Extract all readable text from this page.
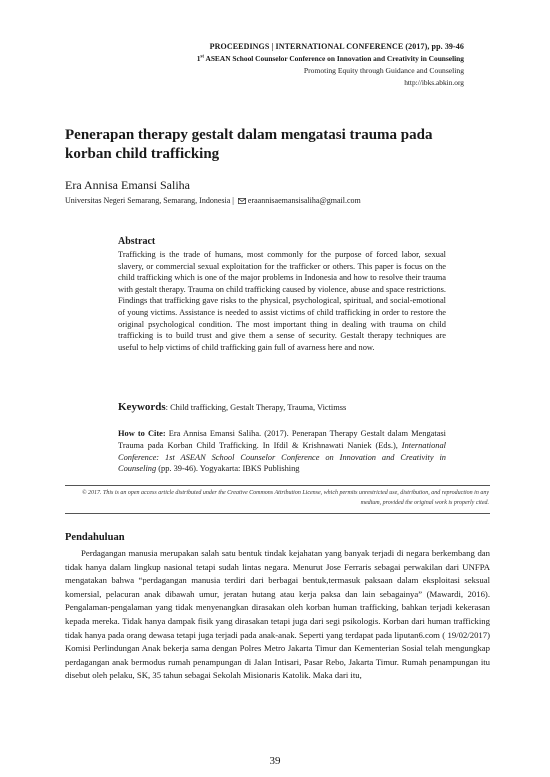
PROCEEDINGS | INTERNATIONAL CONFERENCE (2017), pp. 39-46
1st ASEAN School Counselor Conference on Innovation and Creativity in Counseling
Promoting Equity through Guidance and Counseling
http://ibks.abkin.org
Penerapan therapy gestalt dalam mengatasi trauma pada korban child trafficking
Era Annisa Emansi Saliha
Universitas Negeri Semarang, Semarang, Indonesia | eraannisaemansisaliha@gmail.com
Abstract

Trafficking is the trade of humans, most commonly for the purpose of forced labor, sexual slavery, or commercial sexual exploitation for the trafficker or others. This paper is focus on the child trafficking which is one of the major problems in Indonesia and how to resolve their trauma with gestalt therapy. Trauma on child trafficking caused by violence, abuse and space restrictions. Findings that trafficking gave risks to the physical, psychological, spiritual, and social-emotional of young victims. Assistance is needed to assist victims of child trafficking in order to restore the original psychological condition. The most important thing in dealing with trauma on child trafficking is to build trust and give them a sense of security. Gestalt therapy techniques are useful to help victims of child trafficking gain full of avarness here and now.

Keywords: Child trafficking, Gestalt Therapy, Trauma, Victimss

How to Cite: Era Annisa Emansi Saliha. (2017). Penerapan Therapy Gestalt dalam Mengatasi Trauma pada Korban Child Trafficking. In Ifdil & Krishnawati Naniek (Eds.), International Conference: 1st ASEAN School Counselor Conference on Innovation and Creativity in Counseling (pp. 39-46). Yogyakarta: IBKS Publishing

© 2017. This is an open access article distributed under the Creative Commons Attribution License, which permits unrestricted use, distribution, and reproduction in any medium, provided the original work is properly cited.

Pendahuluan

Perdagangan manusia merupakan salah satu bentuk tindak kejahatan yang banyak terjadi di negara berkembang dan tidak hanya dalam lingkup nasional tetapi sudah lintas negara. Menurut Jose Ferraris sebagai perwakilan dari UNFPA mengatakan bahwa “perdagangan manusia terdiri dari berbagai bentuk,termasuk paksaan dalam eksploitasi seksual komersial, pelacuran anak dibawah umur, jeratan hutang atau kerja paksa dan lain sebagainya” (Mawardi, 2016). Pengalaman-pengalaman yang tidak menyenangkan dirasakan oleh korban human trafficking, bahkan terjadi kekerasan kepada mereka. Tidak hanya dampak fisik yang dirasakan tetapi juga dari segi psikologis. Korban dari human trafficking tidak hanya pada orang dewasa tetapi juga terjadi pada anak-anak. Seperti yang terdapat pada liputan6.com ( 19/02/2017) Komisi Perlindungan Anak bekerja sama dengan Polres Metro Jakarta Timur dan Kementerian Sosial telah mengungkap perdagangan anak bermodus rumah penampungan di Jalan Intisari, Pasar Rebo, Jakarta Timur. Rumah penampungan itu disebut oleh pelaku, SK, 35 tahun sebagai Sekolah Misionaris Katolik. Maka dari itu,

39
